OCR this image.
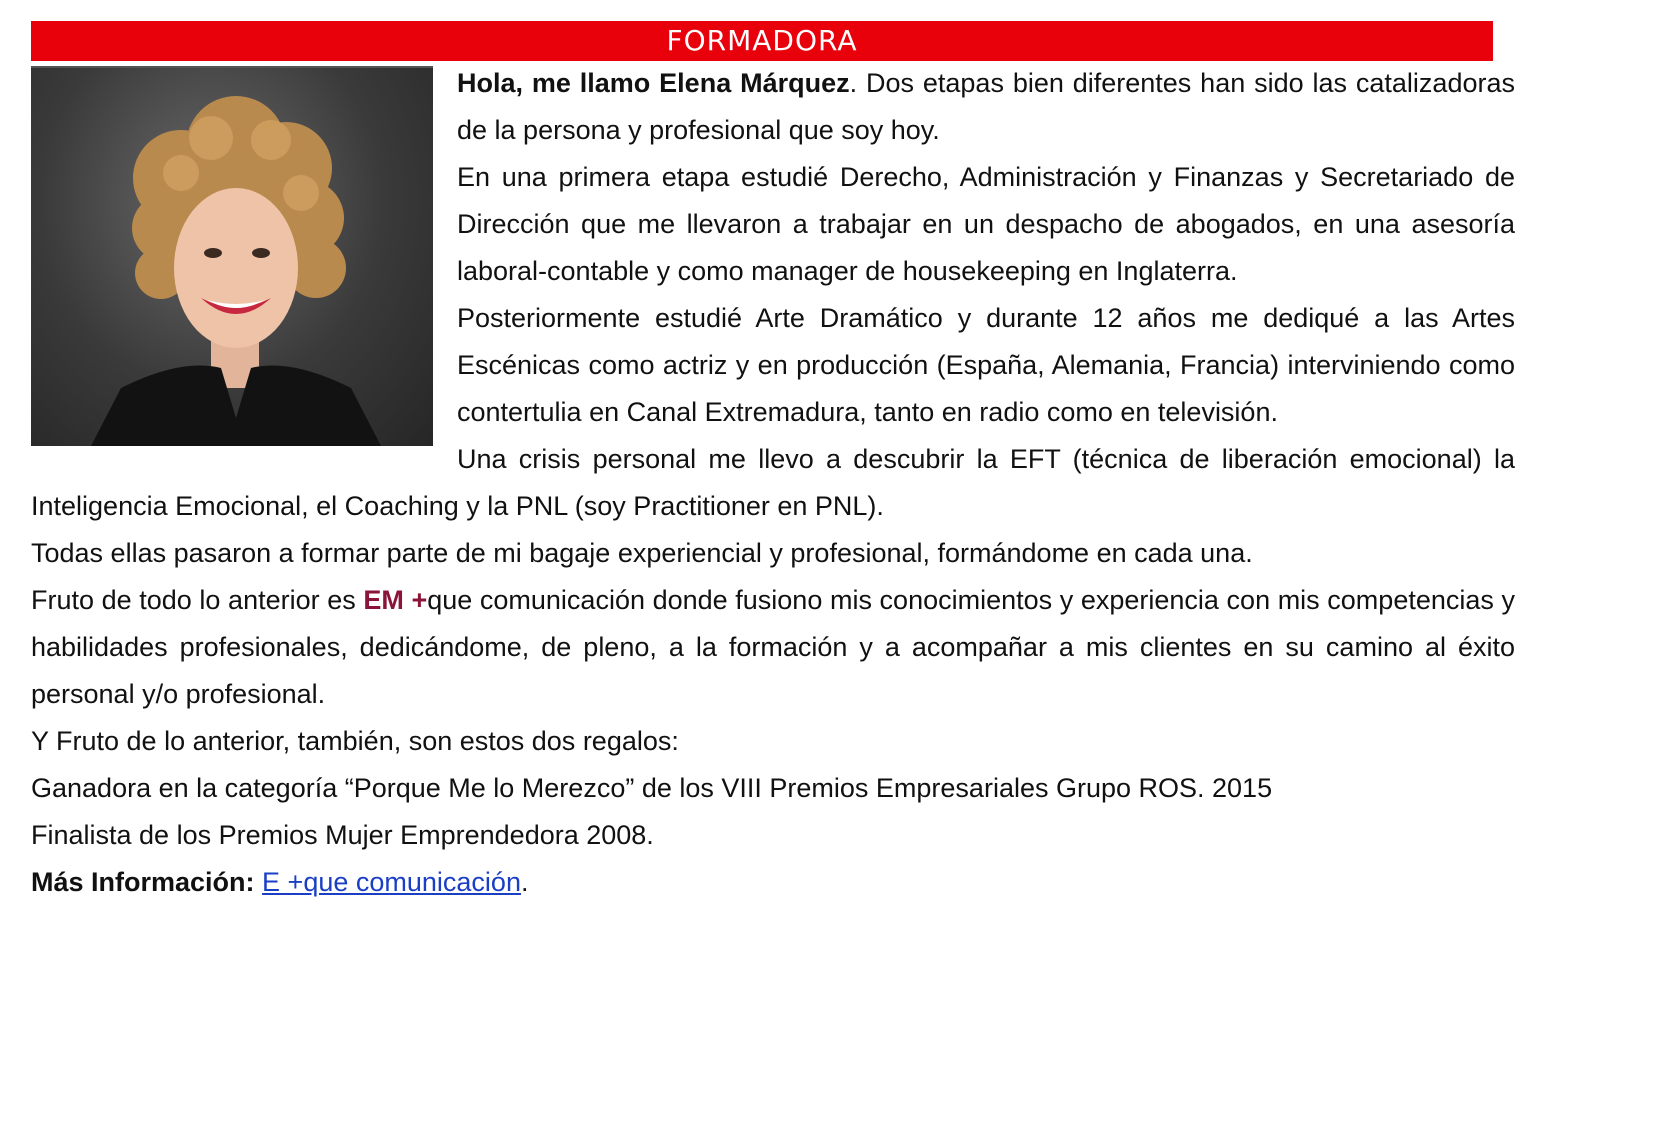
FORMADORA

Hola, me llamo Elena Márquez. Dos etapas bien diferentes han sido las catalizadoras de la persona y profesional que soy hoy.

En una primera etapa estudié Derecho, Administración y Finanzas y Secretariado de Dirección que me llevaron a trabajar en un despacho de abogados, en una asesoría laboral-contable y como manager de housekeeping en Inglaterra.

Posteriormente estudié Arte Dramático y durante 12 años me dediqué a las Artes Escénicas como actriz y en producción (España, Alemania, Francia) interviniendo como contertulia en Canal Extremadura, tanto en radio como en televisión.

Una crisis personal me llevo a descubrir la EFT (técnica de liberación emocional) la Inteligencia Emocional, el Coaching y la PNL (soy Practitioner en PNL).

Todas ellas pasaron a formar parte de mi bagaje experiencial y profesional, formándome en cada una.

Fruto de todo lo anterior es EM +que comunicación donde fusiono mis conocimientos y experiencia con mis competencias y habilidades profesionales, dedicándome, de pleno, a la formación y a acompañar a mis clientes en su camino al éxito personal y/o profesional.

Y Fruto de lo anterior, también, son estos dos regalos:

Ganadora en la categoría “Porque Me lo Merezco” de los VIII Premios Empresariales Grupo ROS. 2015

Finalista de los Premios Mujer Emprendedora 2008.

Más Información: E +que comunicación.
